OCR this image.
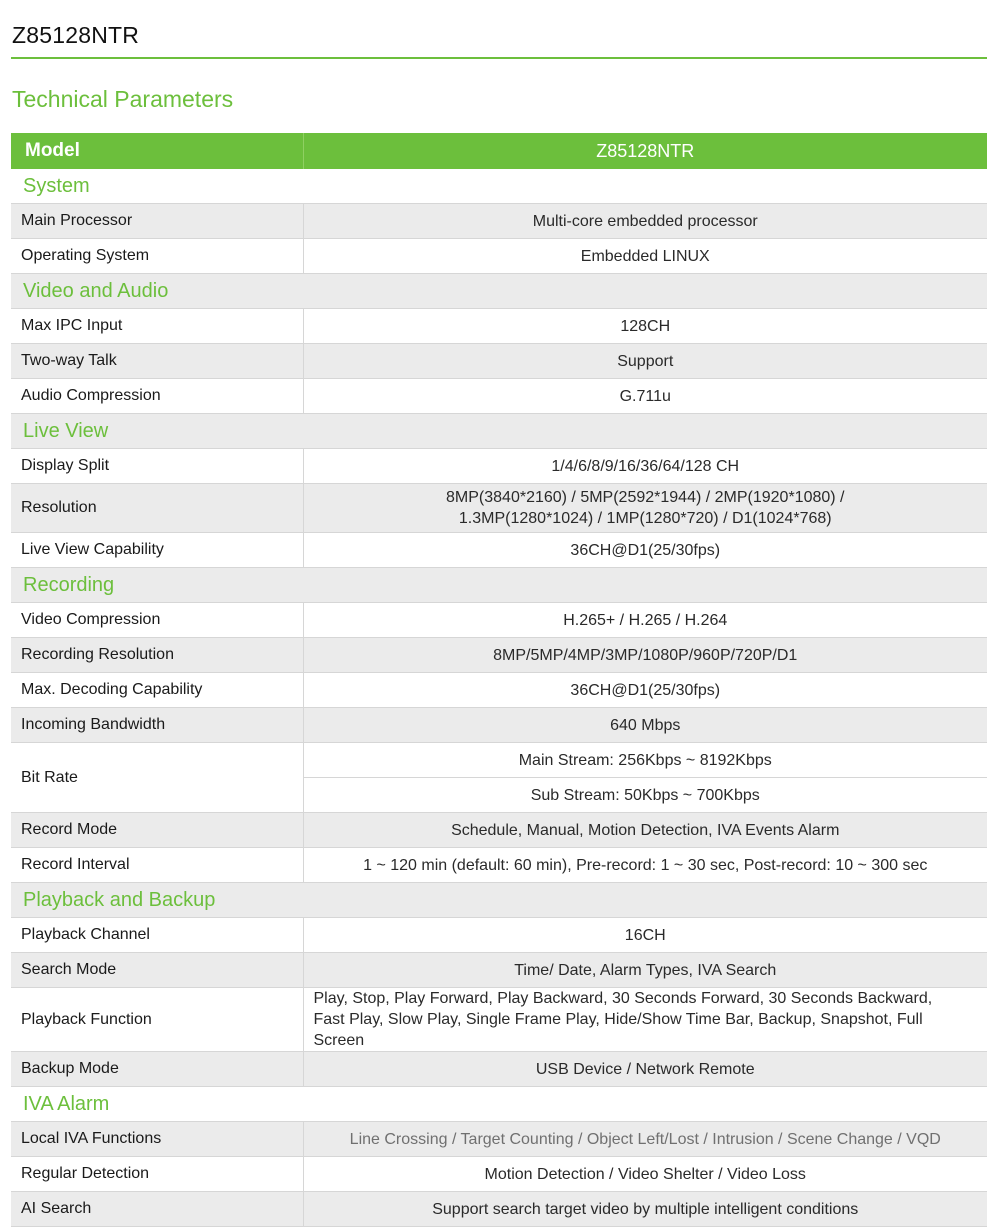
Z85128NTR
Technical Parameters
Model	Z85128NTR
System	
Main Processor	Multi-core embedded processor
Operating System	Embedded LINUX
Video and Audio	
Max IPC Input	128CH
Two-way Talk	Support
Audio Compression	G.711u
Live View	
Display Split	1/4/6/8/9/16/36/64/128 CH
Resolution	8MP(3840*2160) / 5MP(2592*1944) / 2MP(1920*1080) /
1.3MP(1280*1024) / 1MP(1280*720) / D1(1024*768)

Live View Capability	36CH@D1(25/30fps)
Recording	
Video Compression	H.265+ / H.265 / H.264
Recording Resolution	8MP/5MP/4MP/3MP/1080P/960P/720P/D1
Max. Decoding Capability	36CH@D1(25/30fps)
Incoming Bandwidth	640 Mbps
Bit Rate	Main Stream: 256Kbps ~ 8192Kbps
	Sub Stream: 50Kbps ~ 700Kbps
Record Mode	Schedule, Manual, Motion Detection, IVA Events Alarm
Record Interval	1 ~ 120 min (default: 60 min), Pre-record: 1 ~ 30 sec, Post-record: 10 ~ 300 sec
Playback and Backup	
Playback Channel	16CH
Search Mode	Time/ Date, Alarm Types, IVA Search
Playback Function	Play, Stop, Play Forward, Play Backward, 30 Seconds Forward, 30 Seconds Backward,
Fast Play, Slow Play, Single Frame Play, Hide/Show Time Bar, Backup, Snapshot, Full Screen

Backup Mode	USB Device / Network Remote
IVA Alarm	
Local IVA Functions	Line Crossing / Target Counting / Object Left/Lost / Intrusion / Scene Change / VQD
Regular Detection	Motion Detection / Video Shelter / Video Loss
AI Search	Support search target video by multiple intelligent conditions
